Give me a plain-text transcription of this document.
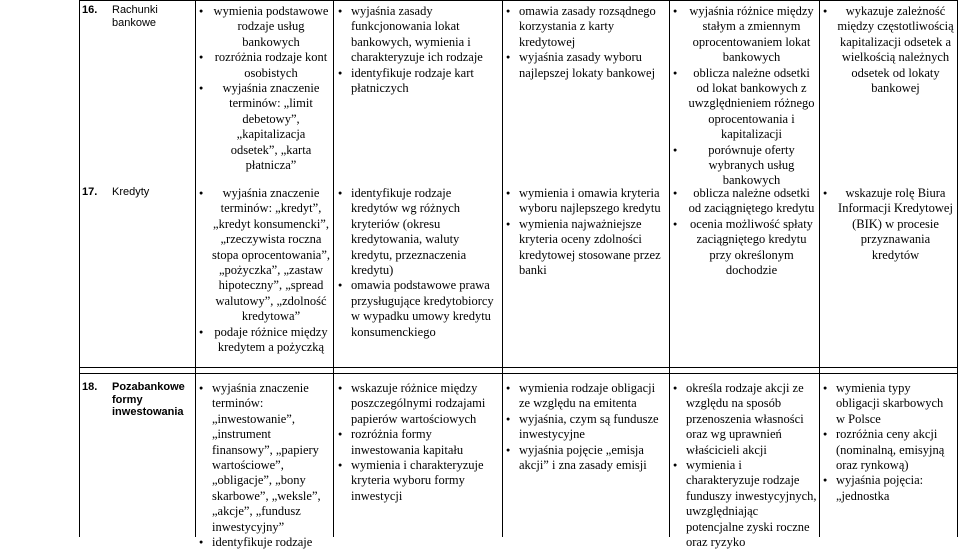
16. Rachunki bankowe
● wymienia podstawowe rodzaje usług bankowych
● rozróżnia rodzaje kont osobistych
● wyjaśnia znaczenie terminów: „limit debetowy”, „kapitalizacja odsetek”, „karta płatnicza”
● wyjaśnia zasady funkcjonowania lokat bankowych, wymienia i charakteryzuje ich rodzaje
● identyfikuje rodzaje kart płatniczych
● omawia zasady rozsądnego korzystania z karty kredytowej
● wyjaśnia zasady wyboru najlepszej lokaty bankowej
● wyjaśnia różnice między stałym a zmiennym oprocentowaniem lokat bankowych
● oblicza należne odsetki od lokat bankowych z uwzględnieniem różnego oprocentowania i kapitalizacji
● porównuje oferty wybranych usług bankowych
● wykazuje zależność między częstotliwością kapitalizacji odsetek a wielkością należnych odsetek od lokaty bankowej
17. Kredyty
●	wyjaśnia znaczenie terminów: „kredyt”, „kredyt konsumencki”, „rzeczywista roczna stopa oprocentowania”, „pożyczka”, „zastaw hipoteczny”, „spread walutowy”, „zdolność kredytowa”
● podaje różnice między kredytem a pożyczką
● identyfikuje rodzaje kredytów wg różnych kryteriów (okresu kredytowania, waluty kredytu, przeznaczenia kredytu)
● omawia podstawowe prawa przysługujące kredytobiorcy w wypadku umowy kredytu konsumenckiego
● wymienia i omawia kryteria wyboru najlepszego kredytu
● wymienia najważniejsze kryteria oceny zdolności kredytowej stosowane przez banki
● oblicza należne odsetki od zaciągniętego kredytu
● ocenia możliwość spłaty zaciągniętego kredytu przy określonym dochodzie
● wskazuje rolę Biura Informacji Kredytowej (BIK) w procesie przyznawania kredytów
18. Pozabankowe formy inwestowania
● wyjaśnia znaczenie terminów: „inwestowanie”, „instrument finansowy”, „papiery wartościowe”, „obligacje”, „bony skarbowe”, „weksle”, „akcje”, „fundusz inwestycyjny”
● identyfikuje rodzaje
● wskazuje różnice między poszczególnymi rodzajami papierów wartościowych
● rozróżnia formy inwestowania kapitału
● wymienia i charakteryzuje kryteria wyboru formy inwestycji
● wymienia rodzaje obligacji ze względu na emitenta
● wyjaśnia, czym są fundusze inwestycyjne
● wyjaśnia pojęcie „emisja akcji” i zna zasady emisji
● określa rodzaje akcji ze względu na sposób przenoszenia własności oraz wg uprawnień właścicieli akcji
● wymienia i charakteryzuje rodzaje funduszy inwestycyjnych, uwzględniając potencjalne zyski roczne oraz ryzyko
● wymienia typy obligacji skarbowych w Polsce
● rozróżnia ceny akcji (nominalną, emisyjną oraz rynkową)
● wyjaśnia pojęcia: „jednostka
